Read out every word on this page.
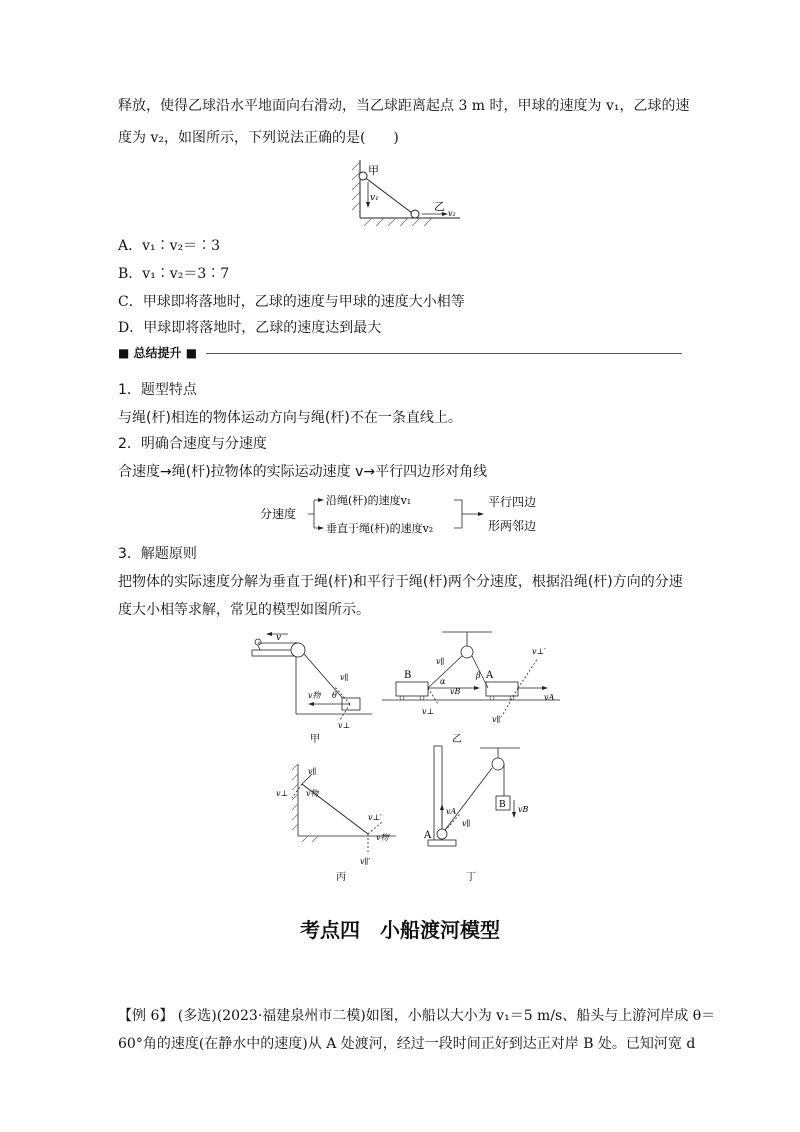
释放，使得乙球沿水平地面向右滑动，当乙球距离起点 3 m 时，甲球的速度为 v₁，乙球的速
度为 v₂，如图所示，下列说法正确的是(　　)
甲
v₁
乙
v₂
A．v₁∶v₂＝∶3
B．v₁∶v₂＝3∶7
C．甲球即将落地时，乙球的速度与甲球的速度大小相等
D．甲球即将落地时，乙球的速度达到最大
■ 总结提升 ■
1．题型特点
与绳(杆)相连的物体运动方向与绳(杆)不在一条直线上。
2．明确合速度与分速度
合速度→绳(杆)拉物体的实际运动速度 v→平行四边形对角线
分速度
沿绳(杆)的速度v₁
垂直于绳(杆)的速度v₂
平行四边
形两邻边
3．解题原则
把物体的实际速度分解为垂直于绳(杆)和平行于绳(杆)两个分速度，根据沿绳(杆)方向的分速
度大小相等求解，常见的模型如图所示。
v
v∥
θ
v物
v⊥
甲
B	A
v∥
α
β
vB
vA
v⊥
v⊥′
v∥′
乙
v⊥
v∥
v物
v⊥′
v物′
v∥′
丙
vA
v∥
vB
A
B
丁
考点四　小船渡河模型
【例 6】 (多选)(2023·福建泉州市二模)如图，小船以大小为 v₁＝5 m/s、船头与上游河岸成 θ＝
60°角的速度(在静水中的速度)从 A 处渡河，经过一段时间正好到达正对岸 B 处。已知河宽 d
